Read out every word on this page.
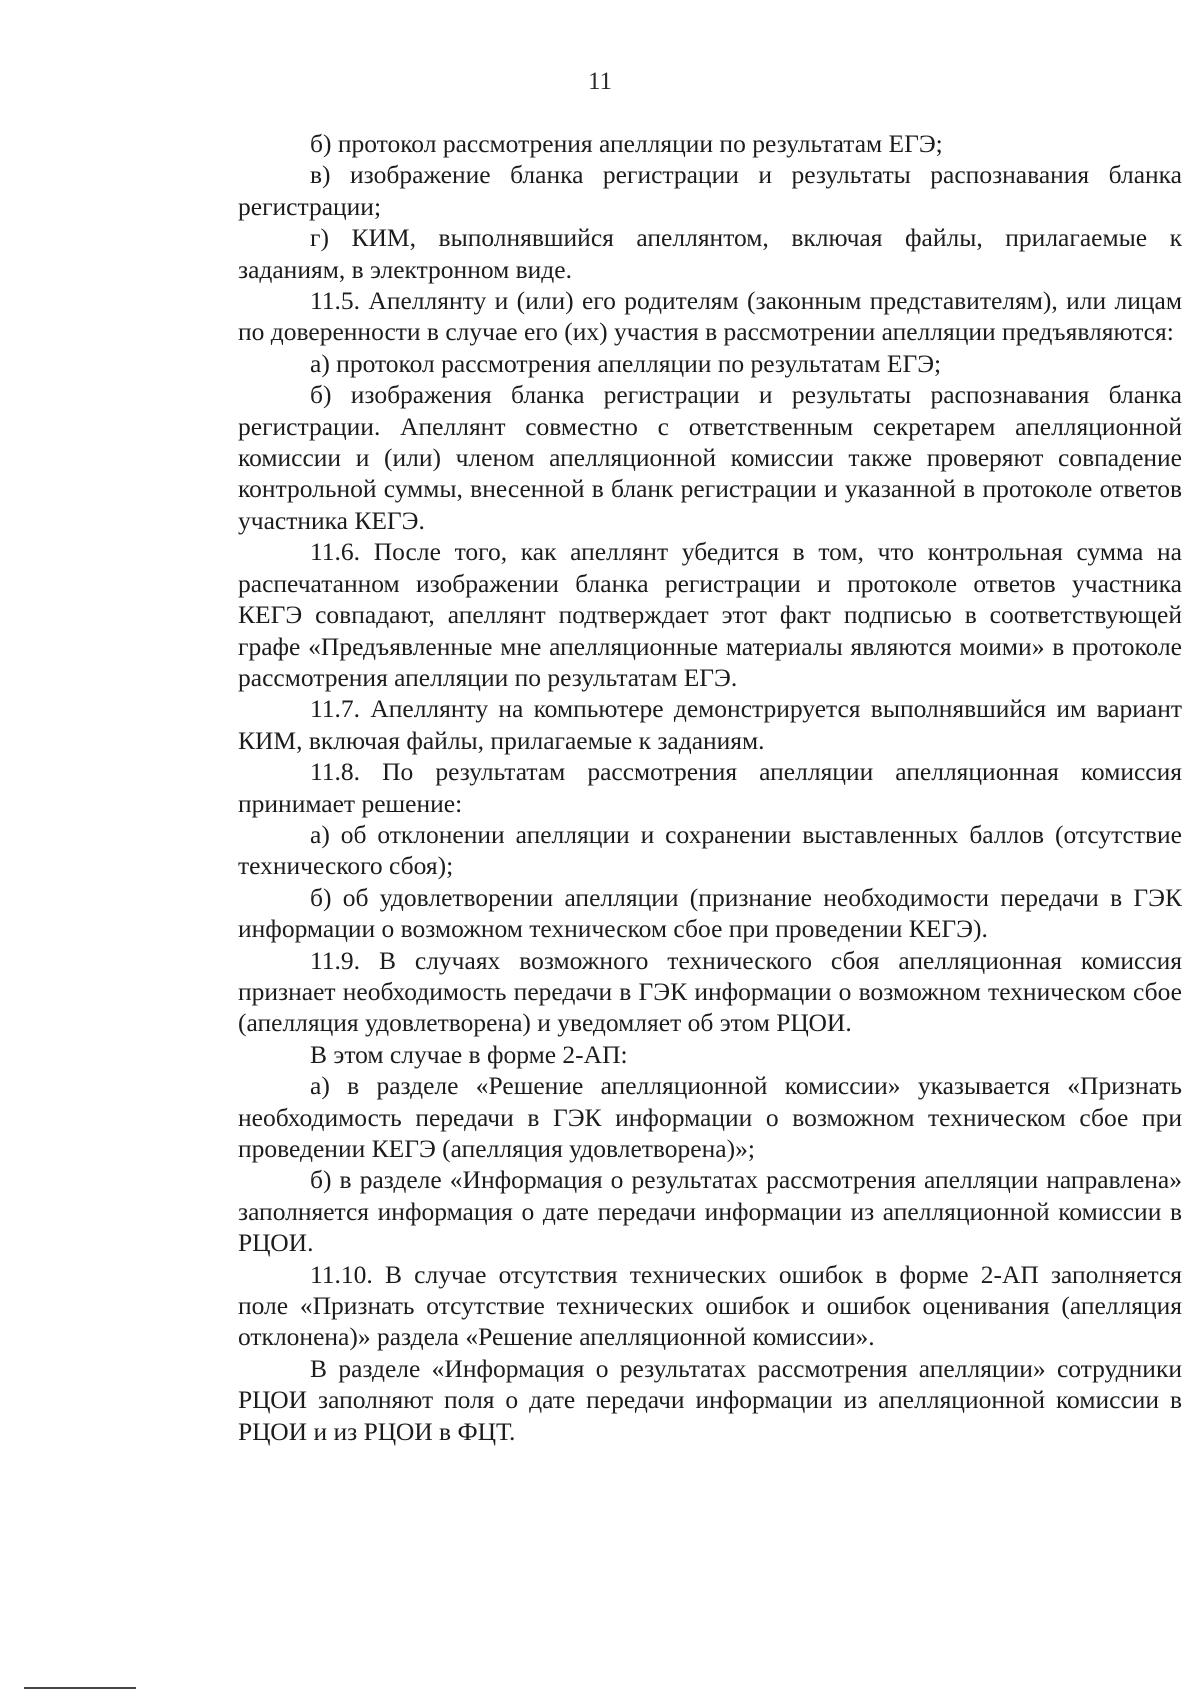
11

б) протокол рассмотрения апелляции по результатам ЕГЭ;

в) изображение бланка регистрации и результаты распознавания бланка регистрации;

г) КИМ, выполнявшийся апеллянтом, включая файлы, прилагаемые к заданиям, в электронном виде.

11.5. Апеллянту и (или) его родителям (законным представителям), или лицам по доверенности в случае его (их) участия в рассмотрении апелляции предъявляются:

а) протокол рассмотрения апелляции по результатам ЕГЭ;

б) изображения бланка регистрации и результаты распознавания бланка регистрации. Апеллянт совместно с ответственным секретарем апелляционной комиссии и (или) членом апелляционной комиссии также проверяют совпадение контрольной суммы, внесенной в бланк регистрации и указанной в протоколе ответов участника КЕГЭ.

11.6. После того, как апеллянт убедится в том, что контрольная сумма на распечатанном изображении бланка регистрации и протоколе ответов участника КЕГЭ совпадают, апеллянт подтверждает этот факт подписью в соответствующей графе «Предъявленные мне апелляционные материалы являются моими» в протоколе рассмотрения апелляции по результатам ЕГЭ.

11.7. Апеллянту на компьютере демонстрируется выполнявшийся им вариант КИМ, включая файлы, прилагаемые к заданиям.

11.8. По результатам рассмотрения апелляции апелляционная комиссия принимает решение:

а) об отклонении апелляции и сохранении выставленных баллов (отсутствие технического сбоя);

б) об удовлетворении апелляции (признание необходимости передачи в ГЭК информации о возможном техническом сбое при проведении КЕГЭ).

11.9. В случаях возможного технического сбоя апелляционная комиссия признает необходимость передачи в ГЭК информации о возможном техническом сбое (апелляция удовлетворена) и уведомляет об этом РЦОИ.

В этом случае в форме 2-АП:

а) в разделе «Решение апелляционной комиссии» указывается «Признать необходимость передачи в ГЭК информации о возможном техническом сбое при проведении КЕГЭ (апелляция удовлетворена)»;

б) в разделе «Информация о результатах рассмотрения апелляции направлена» заполняется информация о дате передачи информации из апелляционной комиссии в РЦОИ.

11.10. В случае отсутствия технических ошибок в форме 2-АП заполняется поле «Признать отсутствие технических ошибок и ошибок оценивания (апелляция отклонена)» раздела «Решение апелляционной комиссии».

В разделе «Информация о результатах рассмотрения апелляции» сотрудники РЦОИ заполняют поля о дате передачи информации из апелляционной комиссии в РЦОИ и из РЦОИ в ФЦТ.
